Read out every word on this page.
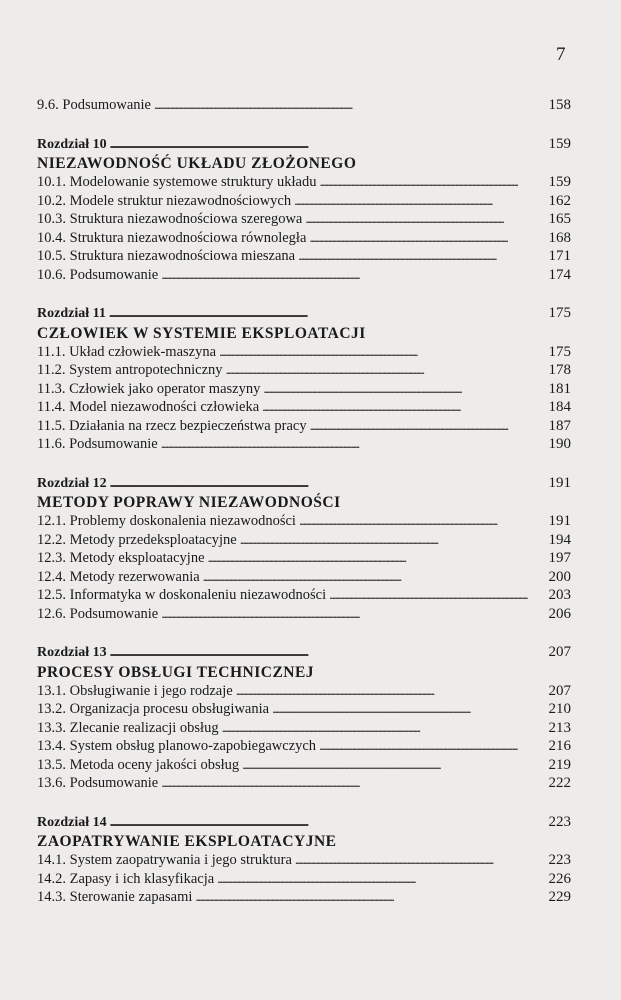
7
9.6. Podsumowanie . . .	158
Rozdział 10 . . .	159
NIEZAWODNOŚĆ UKŁADU ZŁOŻONEGO
10.1. Modelowanie systemowe struktury układu . . .	159
10.2. Modele struktur niezawodnościowych . . .	162
10.3. Struktura niezawodnościowa szeregowa . . .	165
10.4. Struktura niezawodnościowa równoległa . . .	168
10.5. Struktura niezawodnościowa mieszana . . .	171
10.6. Podsumowanie . . .	174
Rozdział 11 . . .	175
CZŁOWIEK W SYSTEMIE EKSPLOATACJI
11.1. Układ człowiek-maszyna . . .	175
11.2. System antropotechniczny . . .	178
11.3. Człowiek jako operator maszyny . . .	181
11.4. Model niezawodności człowieka . . .	184
11.5. Działania na rzecz bezpieczeństwa pracy . . .	187
11.6. Podsumowanie . . .	190
Rozdział 12 . . .	191
METODY POPRAWY NIEZAWODNOŚCI
12.1. Problemy doskonalenia niezawodności . . .	191
12.2. Metody przedeksploatacyjne . . .	194
12.3. Metody eksploatacyjne . . .	197
12.4. Metody rezerwowania . . .	200
12.5. Informatyka w doskonaleniu niezawodności . . .	203
12.6. Podsumowanie . . .	206
Rozdział 13 . . .	207
PROCESY OBSŁUGI TECHNICZNEJ
13.1. Obsługiwanie i jego rodzaje . . .	207
13.2. Organizacja procesu obsługiwania . . .	210
13.3. Zlecanie realizacji obsług . . .	213
13.4. System obsług planowo-zapobiegawczych . . .	216
13.5. Metoda oceny jakości obsług . . .	219
13.6. Podsumowanie . . .	222
Rozdział 14 . . .	223
ZAOPATRYWANIE EKSPLOATACYJNE
14.1. System zaopatrywania i jego struktura . . .	223
14.2. Zapasy i ich klasyfikacja . . .	226
14.3. Sterowanie zapasami . . .	229
